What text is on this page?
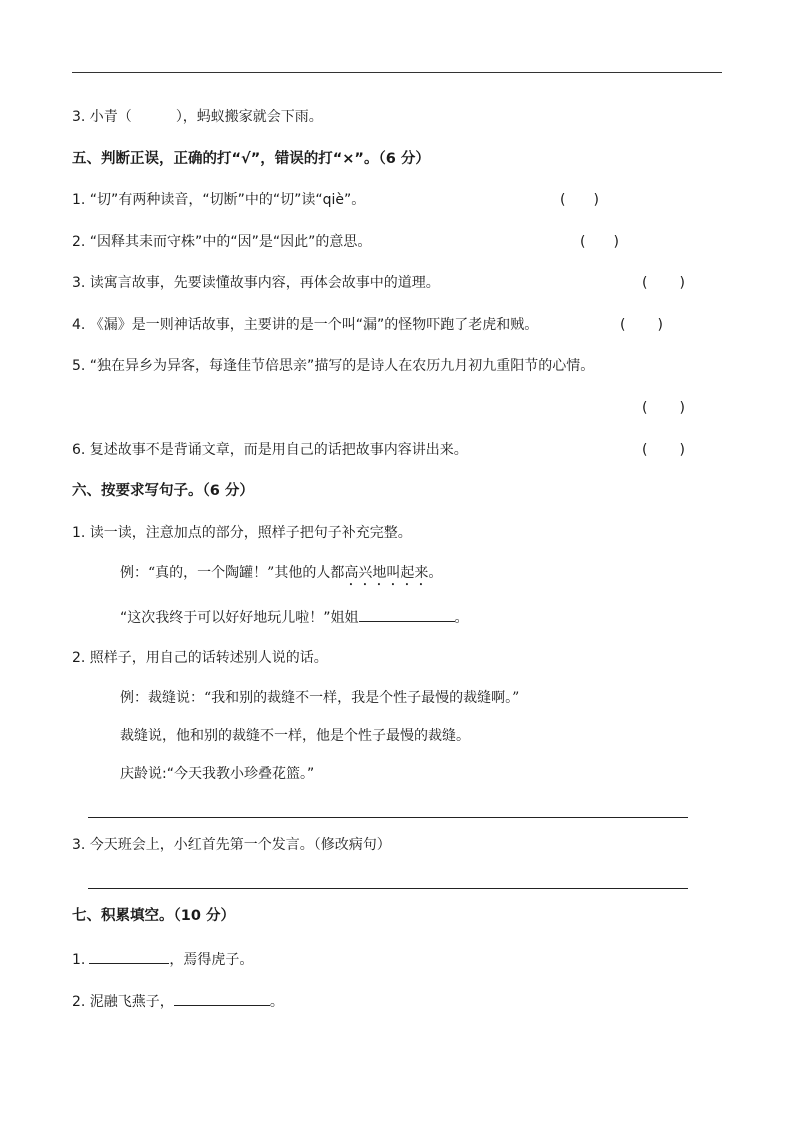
3. 小青（	），蚂蚁搬家就会下雨。
五、判断正误，正确的打“√”，错误的打“×”。（6 分）
1. “切”有两种读音，“切断”中的“切”读“qiè”。	( )
2. “因释其耒而守株”中的“因”是“因此”的意思。	( )
3. 读寓言故事，先要读懂故事内容，再体会故事中的道理。	( )
4. 《漏》是一则神话故事，主要讲的是一个叫“漏”的怪物吓跑了老虎和贼。	( )
5. “独在异乡为异客，每逢佳节倍思亲”描写的是诗人在农历九月初九重阳节的心情。
( )
6. 复述故事不是背诵文章，而是用自己的话把故事内容讲出来。	( )
六、按要求写句子。（6 分）
1. 读一读，注意加点的部分，照样子把句子补充完整。
例：“真的，一个陶罐！”其他的人都高兴地叫起来。
“这次我终于可以好好地玩儿啦！”姐姐	。
2. 照样子，用自己的话转述别人说的话。
例：裁缝说：“我和别的裁缝不一样，我是个性子最慢的裁缝啊。”
裁缝说，他和别的裁缝不一样，他是个性子最慢的裁缝。
庆龄说:“今天我教小珍叠花篮。”
3. 今天班会上，小红首先第一个发言。（修改病句）
七、积累填空。（10 分）
1.	，焉得虎子。
2. 泥融飞燕子，	。
